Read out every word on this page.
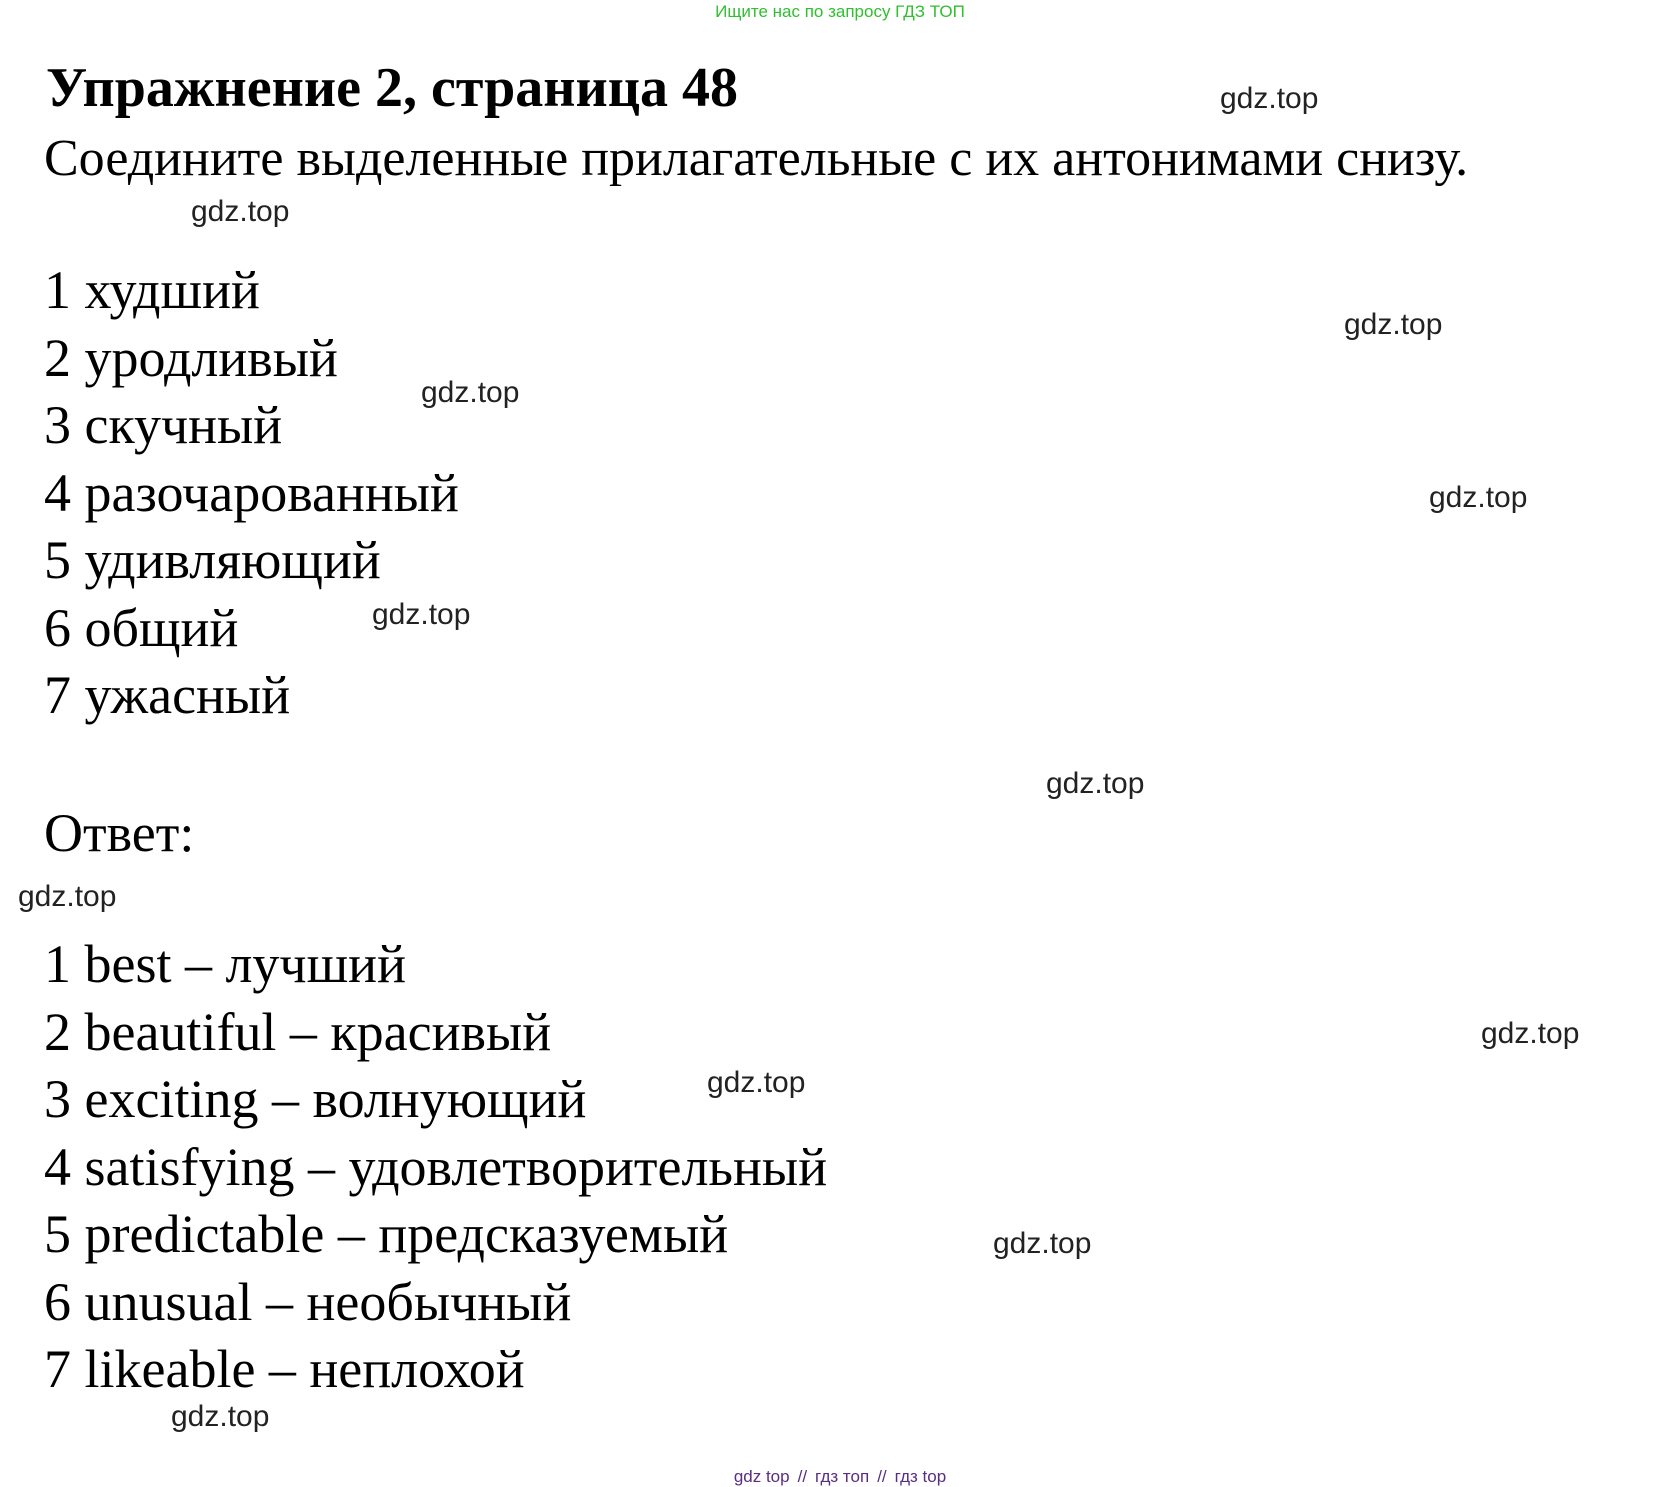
Ищите нас по запросу ГДЗ ТОП
Упражнение 2, страница 48
Соедините выделенные прилагательные с их антонимами снизу.
1 худший
2 уродливый
3 скучный
4 разочарованный
5 удивляющий
6 общий
7 ужасный
Ответ:
1 best – лучший
2 beautiful – красивый
3 exciting – волнующий
4 satisfying – удовлетворительный
5 predictable – предсказуемый
6 unusual – необычный
7 likeable – неплохой
gdz.top
gdz.top
gdz.top
gdz.top
gdz.top
gdz.top
gdz.top
gdz.top
gdz.top
gdz.top
gdz.top
gdz.top
gdz top // гдз топ // гдз top
